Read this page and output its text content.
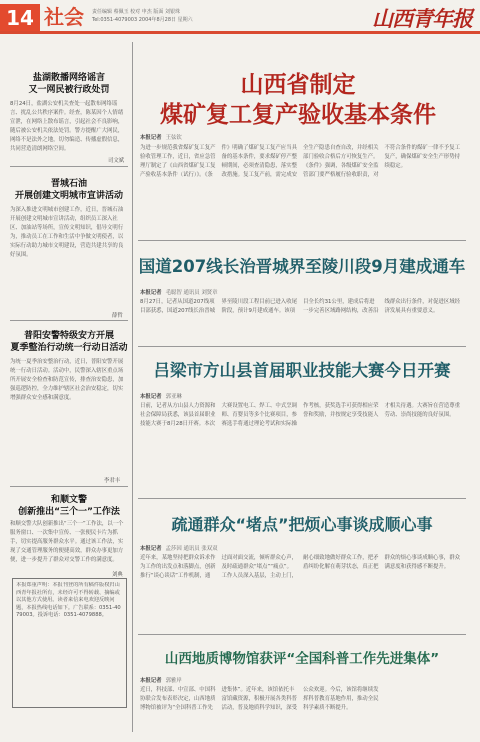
14 社会 责任编辑 蔡佩玉 校对 申杰 版面 刘银珠
Tel:0351-4079003 2004年8月28日 星期六	山西青年报
盐湖散播网络谣言
又一网民被行政处罚
8月24日，盐湖公安机关查处一起散布网络谣言、扰乱公共秩序案件。经查，陈某因个人情绪宣泄，在网络上散布谣言，引起社会不良影响，随后被公安机关依法处罚。警方提醒广大网民，网络不是法外之地，切勿编造、传播虚假信息，共同营造清朗网络空间。
司文斌
晋城石油
开展创建文明城市宣讲活动
为深入推进文明城市创建工作，近日，晋城石油开展创建文明城市宣讲活动，组织员工深入社区、加油站等场所，宣传文明知识，倡导文明行为，推动员工在工作和生活中争做文明使者，以实际行动助力城市文明建设，营造共建共享的良好氛围。
薛哲
普阳安警特级安方开展
夏季整治行动统一行动日活动
为统一夏季治安整治行动，近日，普阳安警开展统一行动日活动。活动中，民警深入辖区重点场所开展安全检查和防范宣传，排查治安隐患，加强巡逻防控，全力维护辖区社会治安稳定，切实增强群众安全感和满意度。
李君丰
和顺文警
创新推出“三个一”工作法
和顺交警大队创新推出“三个一”工作法，以一个服务窗口、一次集中宣传、一张便民卡片为抓手，切实提高服务群众水平。通过该工作法，实现了交通管理服务的便捷高效，群众办事更加方便，进一步提升了群众对交警工作的满意度。
刘典
本报郑重声明：本报刊登的所有稿件版权归山西青年报社所有，未经许可不得转载、摘编或以其他方式使用。读者来信来电欢迎反映问题，本报热线电话如下。广告联系：0351-4079003。投诉电话：0351-4079888。
山西省制定
煤矿复工复产验收基本条件
本报记者 王弦钦
为进一步规范我省煤矿复工复产验收管理工作，近日，省应急管理厅制定了《山西省煤矿复工复产验收基本条件（试行）》。《条件》明确了煤矿复工复产应当具备的基本条件，要求煤矿停产整顿期间，必须查清隐患，落实整改措施。复工复产前，需完成安全生产隐患自查自改，并经相关部门验收合格后方可恢复生产。《条件》强调，各级煤矿安全监管部门要严格履行验收职责，对不符合条件的煤矿一律不予复工复产，确保煤矿安全生产形势持续稳定。
国道207线长治晋城界至陵川段9月建成通车
本报记者 毛聪智 通讯员 刘贤章
8月27日，记者从国道207线项目部获悉，国道207线长治晋城界至陵川段工程目前已进入收尾阶段，预计9月建成通车。该项目全长约31公里，建成后将进一步完善区域路网结构，改善沿线群众出行条件，对促进区域经济发展具有重要意义。
吕梁市方山县首届职业技能大赛今日开赛
本报记者 郭亚琳
日前，记者从方山县人力资源和社会保障局获悉，该县首届职业技能大赛于8月28日开赛。本次大赛设置电工、焊工、中式烹调师、育婴员等多个比赛项目，参赛选手将通过理论考试和实际操作考核，获奖选手可获得相应荣誉和奖励，并按规定享受技能人才相关待遇。大赛旨在营造尊重劳动、崇尚技能的良好氛围。
疏通群众“堵点”把烦心事谈成顺心事
本报记者 孟莎因 通讯员 张双双
近年来，某地坚持把群众诉求作为工作的出发点和落脚点，创新推行“谈心谈话”工作机制，通过面对面交流，倾听群众心声，及时疏通群众“堵点”“痛点”。工作人员深入基层，主动上门，耐心细致地做好群众工作，把矛盾纠纷化解在萌芽状态，真正把群众的烦心事谈成顺心事，群众满意度和获得感不断提升。
山西地质博物馆获评“全国科普工作先进集体”
本报记者 郭雅岸
近日，科技部、中宣部、中国科协联合发布表彰决定，山西地质博物馆被评为“全国科普工作先进集体”。近年来，该馆依托丰富馆藏资源，积极开展各类科普活动，普及地质科学知识，深受公众欢迎。今后，该馆将继续发挥科普教育基地作用，推动全民科学素质不断提升。
